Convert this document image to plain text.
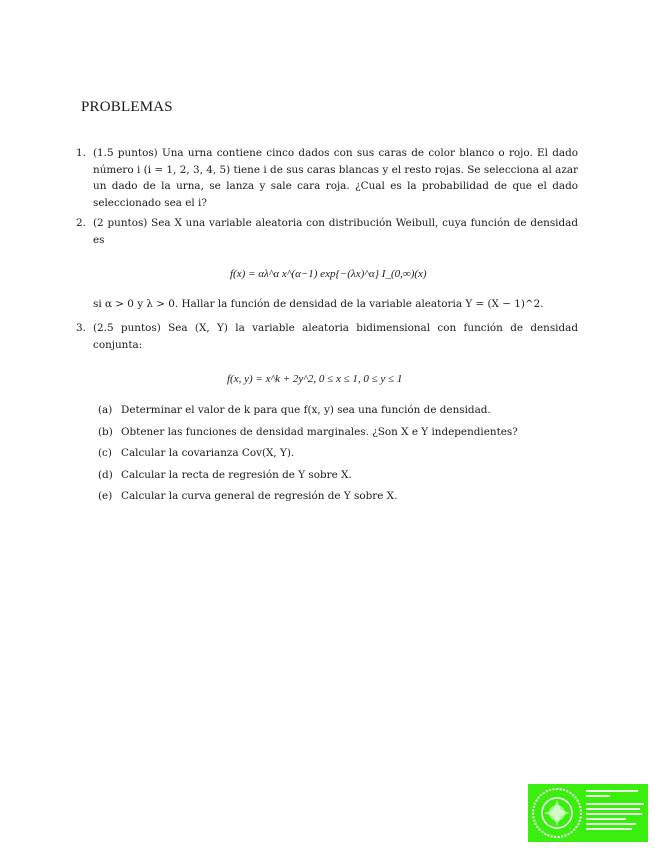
PROBLEMAS
1. (1.5 puntos) Una urna contiene cinco dados con sus caras de color blanco o rojo. El dado número i (i = 1, 2, 3, 4, 5) tiene i de sus caras blancas y el resto rojas. Se selecciona al azar un dado de la urna, se lanza y sale cara roja. ¿Cual es la probabilidad de que el dado seleccionado sea el i?
2. (2 puntos) Sea X una variable aleatoria con distribución Weibull, cuya función de densidad es
f(x) = αλ^α x^(α−1) exp{−(λx)^α} I_(0,∞)(x)
si α > 0 y λ > 0. Hallar la función de densidad de la variable aleatoria Y = (X − 1)^2.
3. (2.5 puntos) Sea (X, Y) la variable aleatoria bidimensional con función de densidad conjunta:
f(x, y) = x^k + 2y^2, 0 ≤ x ≤ 1, 0 ≤ y ≤ 1
(a) Determinar el valor de k para que f(x, y) sea una función de densidad.
(b) Obtener las funciones de densidad marginales. ¿Son X e Y independientes?
(c) Calcular la covarianza Cov(X, Y).
(d) Calcular la recta de regresión de Y sobre X.
(e) Calcular la curva general de regresión de Y sobre X.
